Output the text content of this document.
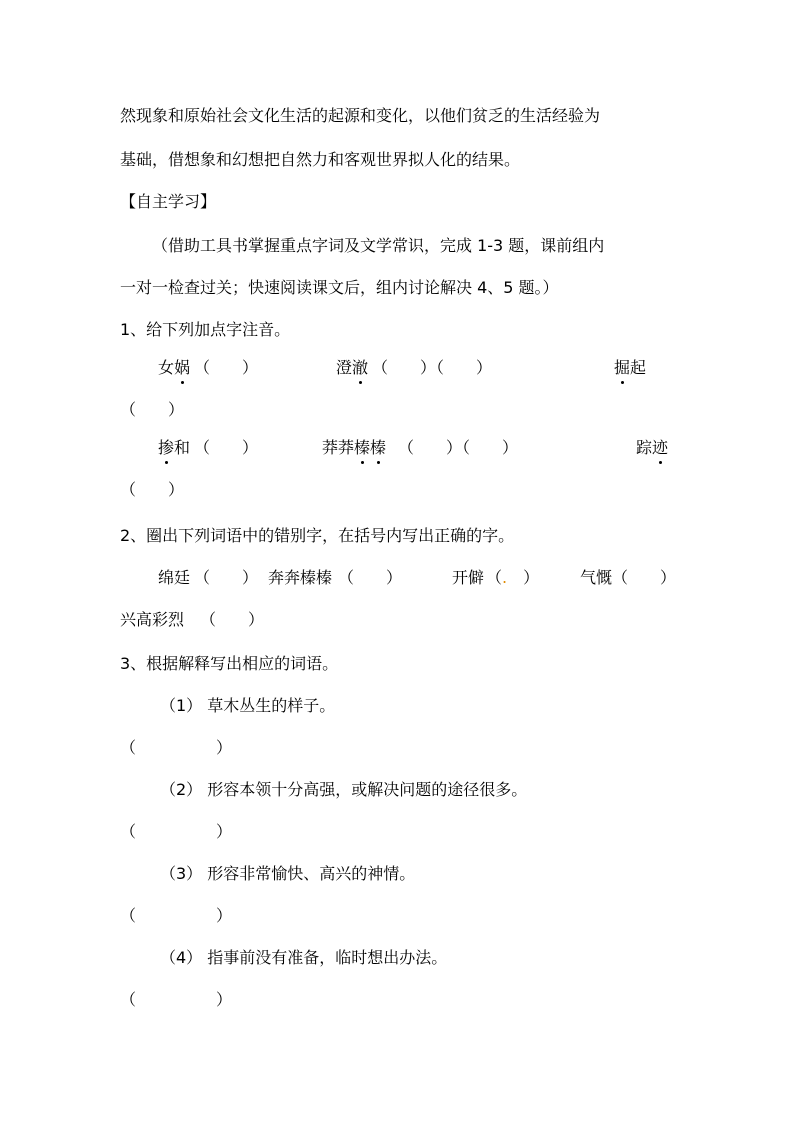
然现象和原始社会文化生活的起源和变化，以他们贫乏的生活经验为
基础，借想象和幻想把自然力和客观世界拟人化的结果。
【自主学习】
（借助工具书掌握重点字词及文学常识，完成 1-3 题，课前组内
一对一检查过关；快速阅读课文后，组内讨论解决 4、5 题。）
1、给下列加点字注音。
女娲 （　　）	澄澈 （　　）（　　）	掘起
（　　）
掺和 （　　）	莽莽榛榛 （　　）（　　）	踪迹
（　　）
2、圈出下列词语中的错别字，在括号内写出正确的字。
绵廷 （　　） 奔奔榛榛 （　　）	开僻 （.　）	气慨 （　　）
兴高彩烈 （　　）
3、根据解释写出相应的词语。
（1） 草木丛生的样子。
（　　　　　）
（2） 形容本领十分高强，或解决问题的途径很多。
（　　　　　）
（3） 形容非常愉快、高兴的神情。
（　　　　　）
（4） 指事前没有准备，临时想出办法。
（　　　　　）
